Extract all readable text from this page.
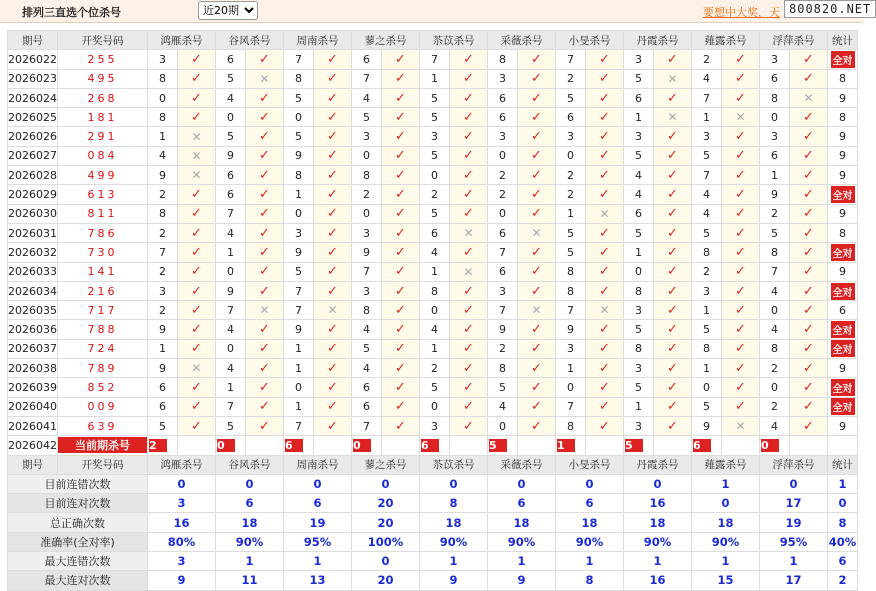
排列三直选个位杀号
近20期	要想中大奖，天 800820.NET
期号	开奖号码	鸿雁杀号		谷风杀号		周南杀号		蓼之杀号		苶苡杀号		采薇杀号		小旻杀号		丹霞杀号		薤露杀号		浮萍杀号		统计
2026022	255	3	✓	6	✓	7	✓	6	✓	7	✓	8	✓	7	✓	3	✓	2	✓	3	✓	全对
2026023	495	8	✓	5	✕	8	✓	7	✓	1	✓	3	✓	2	✓	5	✕	4	✓	6	✓	8
2026024	268	0	✓	4	✓	5	✓	4	✓	5	✓	6	✓	5	✓	6	✓	7	✓	8	✕	9
2026025	181	8	✓	0	✓	0	✓	5	✓	5	✓	6	✓	6	✓	1	✕	1	✕	0	✓	8
2026026	291	1	✕	5	✓	5	✓	3	✓	3	✓	3	✓	3	✓	3	✓	3	✓	3	✓	9
2026027	084	4	✕	9	✓	9	✓	0	✓	5	✓	0	✓	0	✓	5	✓	5	✓	6	✓	9
2026028	499	9	✕	6	✓	8	✓	8	✓	0	✓	2	✓	2	✓	4	✓	7	✓	1	✓	9
2026029	613	2	✓	6	✓	1	✓	2	✓	2	✓	2	✓	2	✓	4	✓	4	✓	9	✓	全对
2026030	811	8	✓	7	✓	0	✓	0	✓	5	✓	0	✓	1	✕	6	✓	4	✓	2	✓	9
2026031	786	2	✓	4	✓	3	✓	3	✓	6	✕	6	✕	5	✓	5	✓	5	✓	5	✓	8
2026032	730	7	✓	1	✓	9	✓	9	✓	4	✓	7	✓	5	✓	1	✓	8	✓	8	✓	全对
2026033	141	2	✓	0	✓	5	✓	7	✓	1	✕	6	✓	8	✓	0	✓	2	✓	7	✓	9
2026034	216	3	✓	9	✓	7	✓	3	✓	8	✓	3	✓	8	✓	8	✓	3	✓	4	✓	全对
2026035	717	2	✓	7	✕	7	✕	8	✓	0	✓	7	✕	7	✕	3	✓	1	✓	0	✓	6
2026036	788	9	✓	4	✓	9	✓	4	✓	4	✓	9	✓	9	✓	5	✓	5	✓	4	✓	全对
2026037	724	1	✓	0	✓	1	✓	5	✓	1	✓	2	✓	3	✓	8	✓	8	✓	8	✓	全对
2026038	789	9	✕	4	✓	1	✓	4	✓	2	✓	8	✓	1	✓	3	✓	1	✓	2	✓	9
2026039	852	6	✓	1	✓	0	✓	6	✓	5	✓	5	✓	0	✓	5	✓	0	✓	0	✓	全对
2026040	009	6	✓	7	✓	1	✓	6	✓	0	✓	4	✓	7	✓	1	✓	5	✓	2	✓	全对
2026041	639	5	✓	5	✓	7	✓	7	✓	3	✓	0	✓	8	✓	3	✓	9	✕	4	✓	9
2026042	当前期杀号	2		0		6		0		6		5		1		5		6		0		
期号	开奖号码	鸿雁杀号		谷风杀号		周南杀号		蓼之杀号		苶苡杀号		采薇杀号		小旻杀号		丹霞杀号		薤露杀号		浮萍杀号		统计
目前连错次数		0		0		0		0		0		0		0		0		1		0		1
目前连对次数		3		6		6		20		8		6		6		16		0		17		0
总正确次数		16		18		19		20		18		18		18		18		18		19		8
准确率(全对率)		80%		90%		95%		100%		90%		90%		90%		90%		90%		95%		40%
最大连错次数		3		1		1		0		1		1		1		1		1		1		6
最大连对次数		9		11		13		20		9		9		8		16		15		17		2
